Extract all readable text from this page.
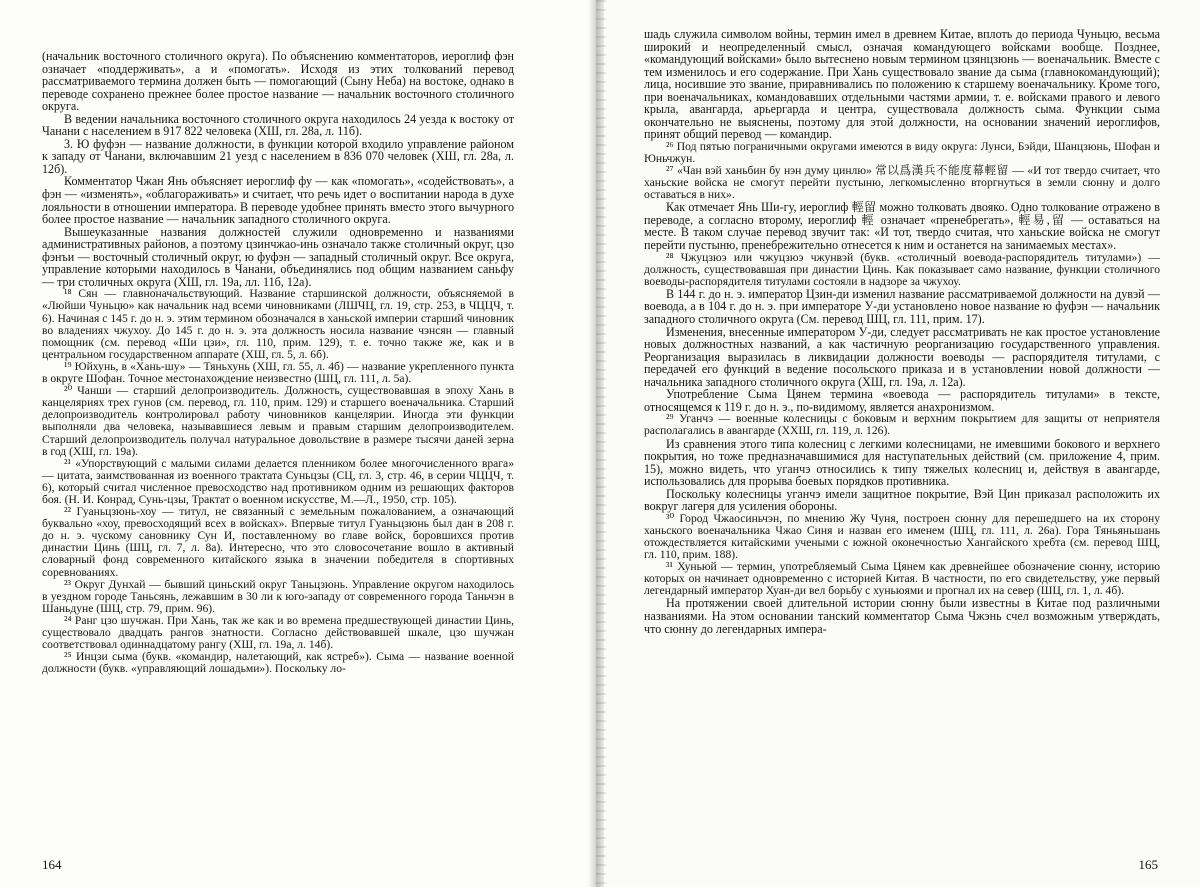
(начальник восточного столичного округа). По объяснению комментаторов, иероглиф фэн означает «поддерживать», а и «помогать». Исходя из этих толкований перевод рассматриваемого термина должен быть — помогающий (Сыну Неба) на востоке, однако в переводе сохранено прежнее более простое название — начальник восточного столичного округа.

В ведении начальника восточного столичного округа находилось 24 уезда к востоку от Чанани с населением в 917 822 человека (ХШ, гл. 28а, л. 11б).

3. Ю фуфэн — название должности, в функции которой входило управление районом к западу от Чанани, включавшим 21 уезд с населением в 836 070 человек (ХШ, гл. 28а, л. 12б).

Комментатор Чжан Янь объясняет иероглиф фу — как «помогать», «содействовать», а фэн — «изменять», «облагораживать» и считает, что речь идет о воспитании народа в духе лояльности в отношении императора. В переводе удобнее принять вместо этого вычурного более простое название — начальник западного столичного округа.

Вышеуказанные названия должностей служили одновременно и названиями административных районов, а поэтому цзинчжао-инь означало также столичный округ, цзо фэнъи — восточный столичный округ, ю фуфэн — западный столичный округ. Все округа, управление которыми находилось в Чанани, объединялись под общим названием саньфу — три столичных округа (ХШ, гл. 19а, лл. 11б, 12а).

¹⁸ Сян — главноначальствующий. Название старшинской должности, объясняемой в «Люйши Чуньцю» как начальник над всеми чиновниками (ЛШЧЦ, гл. 19, стр. 253, в ЧЦЦЧ, т. 6). Начиная с 145 г. до н. э. этим термином обозначался в ханьской империи старший чиновник во владениях чжухоу. До 145 г. до н. э. эта должность носила название чэнсян — главный помощник (см. перевод «Ши цзи», гл. 110, прим. 129), т. е. точно также же, как и в центральном государственном аппарате (ХШ, гл. 5, л. 6б).

¹⁹ Юйхунь, в «Хань-шу» — Тяньхунь (ХШ, гл. 55, л. 4б) — название укрепленного пункта в округе Шофан. Точное местонахождение неизвестно (ШЦ, гл. 111, л. 5а).

²⁰ Чанши — старший делопроизводитель. Должность, существовавшая в эпоху Хань в канцеляриях трех гунов (см. перевод, гл. 110, прим. 129) и старшего военачальника. Старший делопроизводитель контролировал работу чиновников канцелярии. Иногда эти функции выполняли два человека, называвшиеся левым и правым старшим делопроизводителем. Старший делопроизводитель получал натуральное довольствие в размере тысячи даней зерна в год (ХШ, гл. 19а).

²¹ «Упорствующий с малыми силами делается пленником более многочисленного врага» — цитата, заимствованная из военного трактата Суньцзы (СЦ, гл. 3, стр. 46, в серии ЧЦЦЧ, т. 6), который считал численное превосходство над противником одним из решающих факторов боя. (Н. И. Конрад, Сунь-цзы, Трактат о военном искусстве, М.—Л., 1950, стр. 105).

²² Гуаньцзюнь-хоу — титул, не связанный с земельным пожалованием, а означающий буквально «хоу, превосходящий всех в войсках». Впервые титул Гуаньцзюнь был дан в 208 г. до н. э. чускому сановнику Сун И, поставленному во главе войск, боровшихся против династии Цинь (ШЦ, гл. 7, л. 8а). Интересно, что это словосочетание вошло в активный словарный фонд современного китайского языка в значении победителя в спортивных соревнованиях.

²³ Округ Дунхай — бывший циньский округ Таньцзюнь. Управление округом находилось в уездном городе Таньсянь, лежавшим в 30 ли к юго-западу от современного города Таньчэн в Шаньдуне (ШЦ, стр. 79, прим. 96).

²⁴ Ранг цзо шучжан. При Хань, так же как и во времена предшествующей династии Цинь, существовало двадцать рангов знатности. Согласно действовавшей шкале, цзо шучжан соответствовал одиннадцатому рангу (ХШ, гл. 19а, л. 14б).

²⁵ Инцзи сыма (букв. «командир, налетающий, как ястреб»). Сыма — название военной должности (букв. «управляющий лошадьми»). Поскольку ло-

164

шадь служила символом войны, термин имел в древнем Китае, вплоть до периода Чуньцю, весьма широкий и неопределенный смысл, означая командующего войсками вообще. Позднее, «командующий войсками» было вытеснено новым термином цзянцзюнь — военачальник. Вместе с тем изменилось и его содержание. При Хань существовало звание да сыма (главнокомандующий); лица, носившие это звание, приравнивались по положению к старшему военачальнику. Кроме того, при военачальниках, командовавших отдельными частями армии, т. е. войсками правого и левого крыла, авангарда, арьергарда и центра, существовала должность сыма. Функции сыма окончательно не выяснены, поэтому для этой должности, на основании значений иероглифов, принят общий перевод — командир.

²⁶ Под пятью пограничными округами имеются в виду округа: Лунси, Бэйди, Шанцзюнь, Шофан и Юньчжун.

²⁷ «Чан вэй ханьбин бу нэн думу цинлю» 常以爲漢兵不能度幕輕留 — «И тот твердо считает, что ханьские войска не смогут перейти пустыню, легкомысленно вторгнуться в земли сюнну и долго оставаться в них».

Как отмечает Янь Ши-гу, иероглиф 輕留 можно толковать двояко. Одно толкование отражено в переводе, а согласно второму, иероглиф 輕 означает «пренебрегать», 輕易,留 — оставаться на месте. В таком случае перевод звучит так: «И тот, твердо считая, что ханьские войска не смогут перейти пустыню, пренебрежительно отнесется к ним и останется на занимаемых местах».

²⁸ Чжуцзюэ или чжуцзюэ чжунвэй (букв. «столичный воевода-распорядитель титулами») — должность, существовавшая при династии Цинь. Как показывает само название, функции столичного воеводы-распорядителя титулами состояли в надзоре за чжухоу.

В 144 г. до н. э. император Цзин-ди изменил название рассматриваемой должности на дувэй — воевода, а в 104 г. до н. э. при императоре У-ди установлено новое название ю фуфэн — начальник западного столичного округа (См. перевод ШЦ, гл. 111, прим. 17).

Изменения, внесенные императором У-ди, следует рассматривать не как простое установление новых должностных названий, а как частичную реорганизацию государственного управления. Реорганизация выразилась в ликвидации должности воеводы — распорядителя титулами, с передачей его функций в ведение посольского приказа и в установлении новой должности — начальника западного столичного округа (ХШ, гл. 19а, л. 12а).

Употребление Сыма Цянем термина «воевода — распорядитель титулами» в тексте, относящемся к 119 г. до н. э., по-видимому, является анахронизмом.

²⁹ Уганчэ — военные колесницы с боковым и верхним покрытием для защиты от неприятеля располагались в авангарде (ХХШ, гл. 119, л. 126).

Из сравнения этого типа колесниц с легкими колесницами, не имевшими бокового и верхнего покрытия, но тоже предназначавшимися для наступательных действий (см. приложение 4, прим. 15), можно видеть, что уганчэ относились к типу тяжелых колесниц и, действуя в авангарде, использовались для прорыва боевых порядков противника.

Поскольку колесницы уганчэ имели защитное покрытие, Вэй Цин приказал расположить их вокруг лагеря для усиления обороны.

³⁰ Город Чжаосиньчэн, по мнению Жу Чуня, построен сюнну для перешедшего на их сторону ханьского военачальника Чжао Синя и назван его именем (ШЦ, гл. 111, л. 26а). Гора Тяньяньшань отождествляется китайскими учеными с южной оконечностью Хангайского хребта (см. перевод ШЦ, гл. 110, прим. 188).

³¹ Хуньюй — термин, употребляемый Сыма Цянем как древнейшее обозначение сюнну, историю которых он начинает одновременно с историей Китая. В частности, по его свидетельству, уже первый легендарный император Хуан-ди вел борьбу с хуньюями и прогнал их на север (ШЦ, гл. 1, л. 4б).

На протяжении своей длительной истории сюнну были известны в Китае под различными названиями. На этом основании танский комментатор Сыма Чжэнь счел возможным утверждать, что сюнну до легендарных импера-

165
